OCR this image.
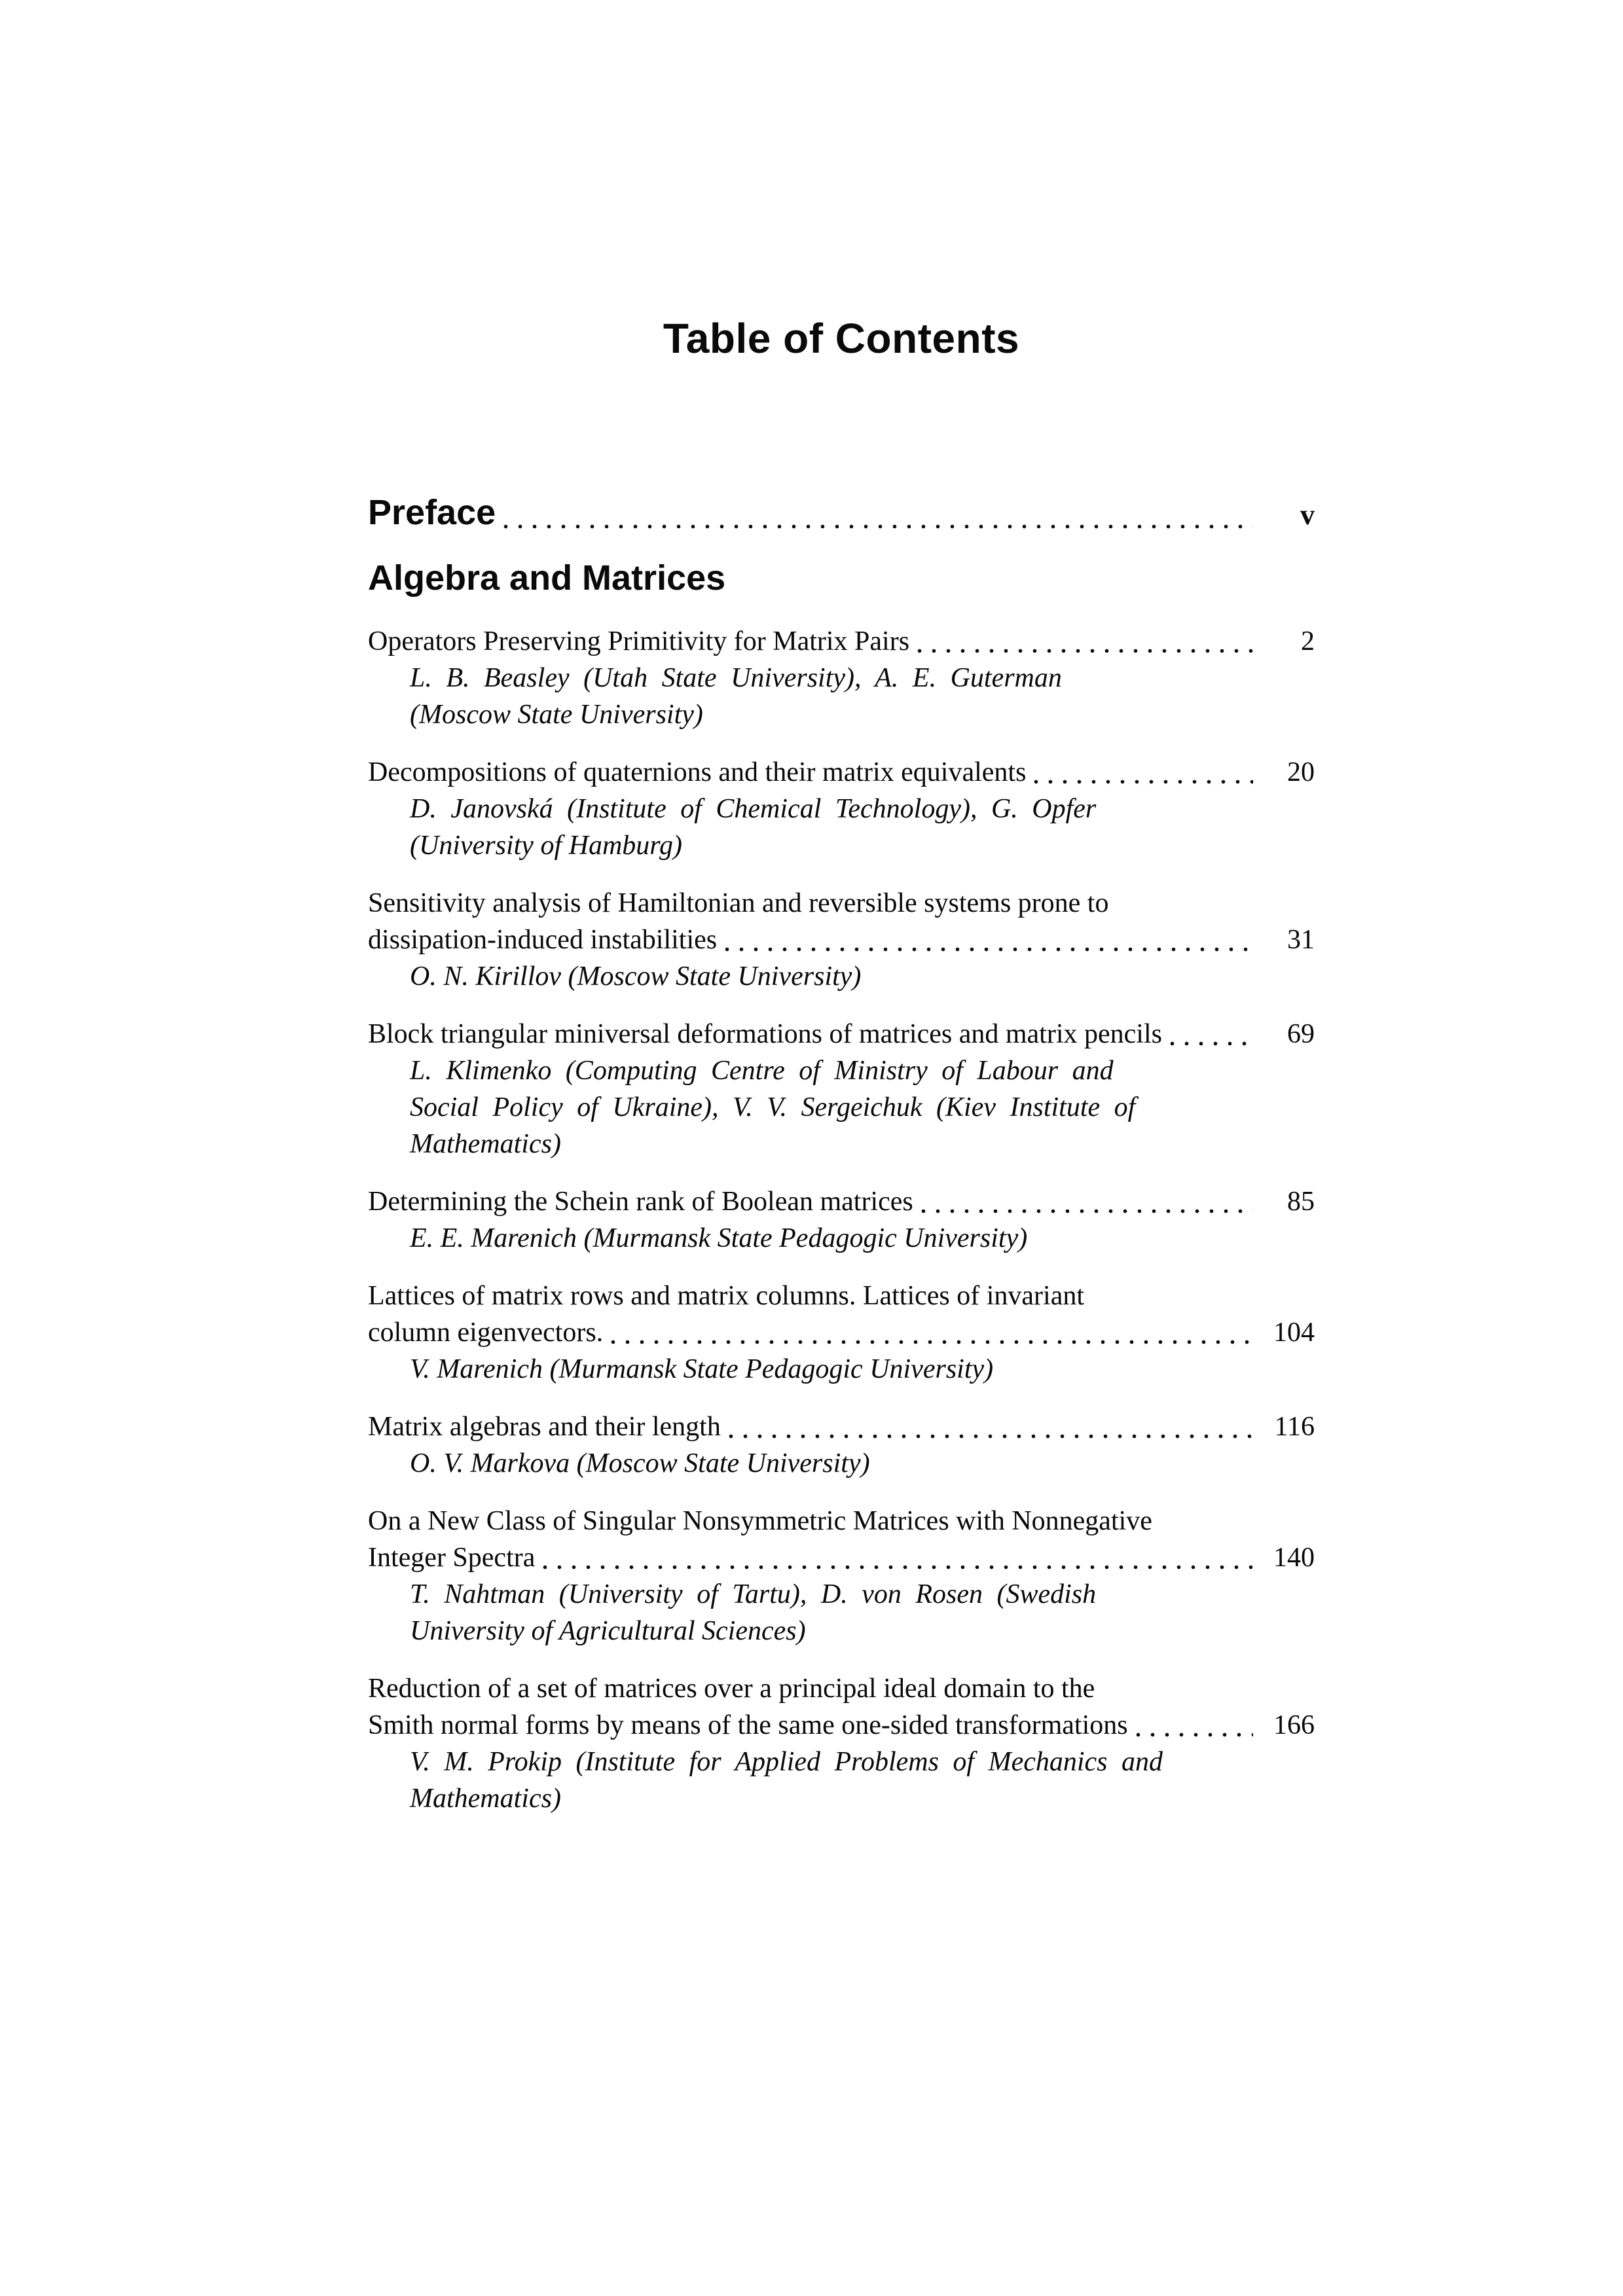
Table of Contents
Preface	v
Algebra and Matrices
Operators Preserving Primitivity for Matrix Pairs	2
L. B. Beasley (Utah State University), A. E. Guterman
(Moscow State University)
Decompositions of quaternions and their matrix equivalents	20
D. Janovská (Institute of Chemical Technology), G. Opfer
(University of Hamburg)
Sensitivity analysis of Hamiltonian and reversible systems prone to
dissipation-induced instabilities	31
O. N. Kirillov (Moscow State University)
Block triangular miniversal deformations of matrices and matrix pencils	69
L. Klimenko (Computing Centre of Ministry of Labour and
Social Policy of Ukraine), V. V. Sergeichuk (Kiev Institute of
Mathematics)
Determining the Schein rank of Boolean matrices	85
E. E. Marenich (Murmansk State Pedagogic University)
Lattices of matrix rows and matrix columns. Lattices of invariant
column eigenvectors.	104
V. Marenich (Murmansk State Pedagogic University)
Matrix algebras and their length	116
O. V. Markova (Moscow State University)
On a New Class of Singular Nonsymmetric Matrices with Nonnegative
Integer Spectra	140
T. Nahtman (University of Tartu), D. von Rosen (Swedish
University of Agricultural Sciences)
Reduction of a set of matrices over a principal ideal domain to the
Smith normal forms by means of the same one-sided transformations	166
V. M. Prokip (Institute for Applied Problems of Mechanics and
Mathematics)
